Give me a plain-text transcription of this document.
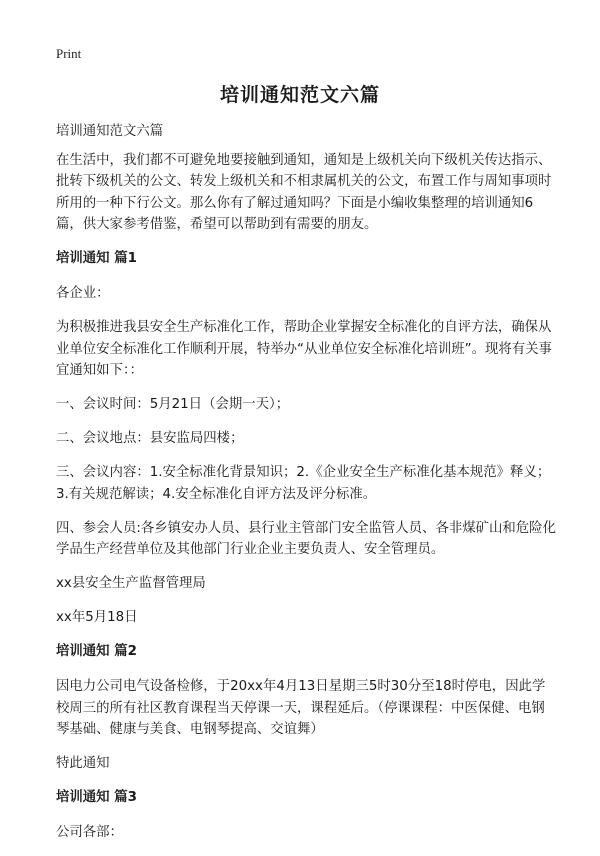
Print
培训通知范文六篇

培训通知范文六篇

在生活中，我们都不可避免地要接触到通知，通知是上级机关向下级机关传达指示、批转下级机关的公文、转发上级机关和不相隶属机关的公文，布置工作与周知事项时所用的一种下行公文。那么你有了解过通知吗？下面是小编收集整理的培训通知6篇，供大家参考借鉴，希望可以帮助到有需要的朋友。

培训通知 篇1

各企业：

为积极推进我县安全生产标准化工作，帮助企业掌握安全标准化的自评方法，确保从业单位安全标准化工作顺利开展，特举办“从业单位安全标准化培训班”。现将有关事宜通知如下：：

一、会议时间：5月21日（会期一天）；

二、会议地点：县安监局四楼；

三、会议内容：1.安全标准化背景知识；2.《企业安全生产标准化基本规范》释义；3.有关规范解读；4.安全标准化自评方法及评分标准。

四、参会人员:各乡镇安办人员、县行业主管部门安全监管人员、各非煤矿山和危险化学品生产经营单位及其他部门行业企业主要负责人、安全管理员。

xx县安全生产监督管理局

xx年5月18日

培训通知 篇2

因电力公司电气设备检修，于20xx年4月13日星期三5时30分至18时停电，因此学校周三的所有社区教育课程当天停课一天，课程延后。（停课课程：中医保健、电钢琴基础、健康与美食、电钢琴提高、交谊舞）

特此通知

培训通知 篇3

公司各部：
